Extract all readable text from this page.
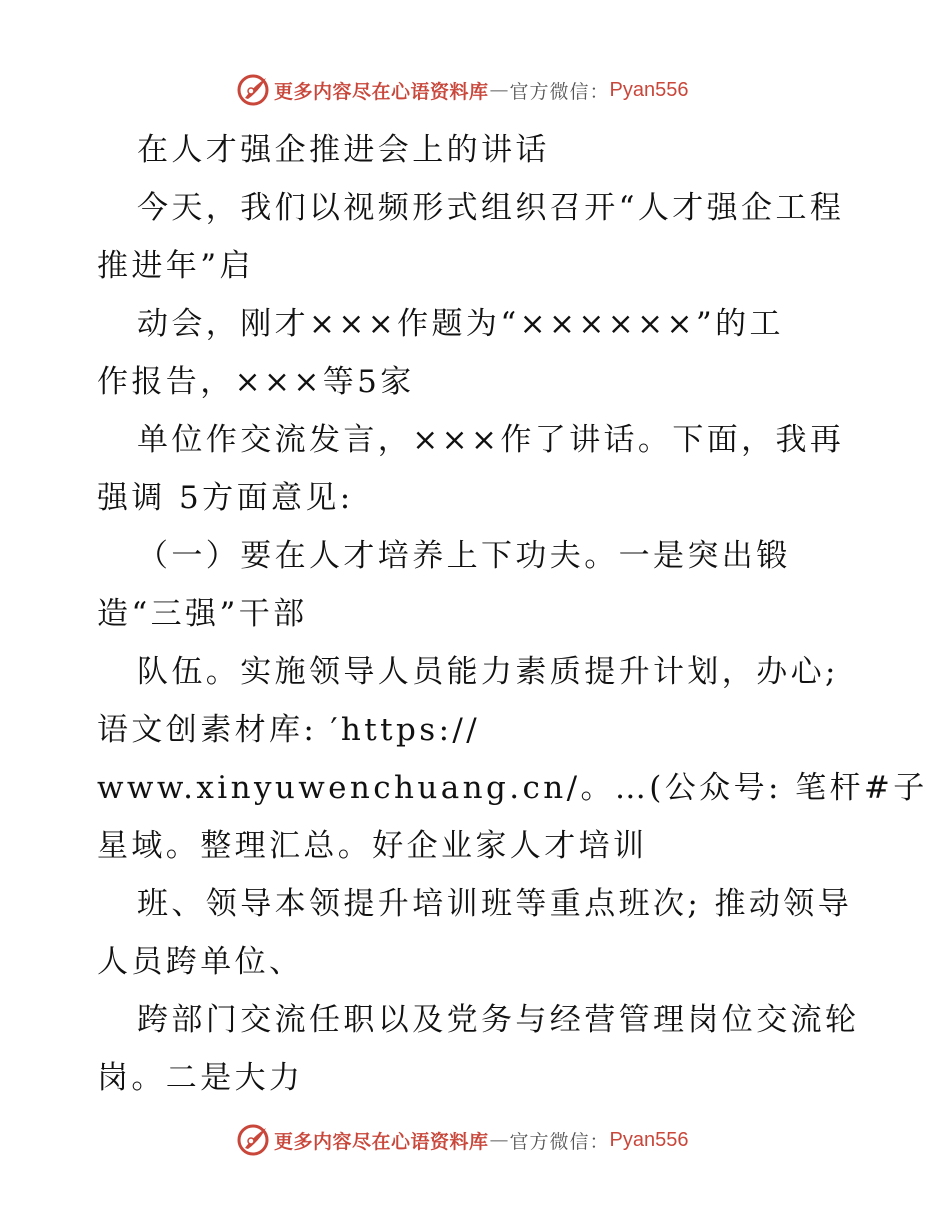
更多内容尽在心语资料库 — 官方微信： Pyan556
在人才强企推进会上的讲话
今天，我们以视频形式组织召开“人才强企工程
推进年”启
动会，刚才×××作题为“××××××”的工
作报告，×××等5家
单位作交流发言，×××作了讲话。下面，我再
强调 5方面意见:
（一）要在人才培养上下功夫。一是突出锻
造“三强”干部
队伍。实施领导人员能力素质提升计划，办心;
语文创素材库: ′https://
www.xinyuwenchuang.cn/。…(公众号: 笔杆#子
星域。整理汇总。好企业家人才培训
班、领导本领提升培训班等重点班次; 推动领导
人员跨单位、
跨部门交流任职以及党务与经营管理岗位交流轮
岗。二是大力
更多内容尽在心语资料库 — 官方微信： Pyan556
